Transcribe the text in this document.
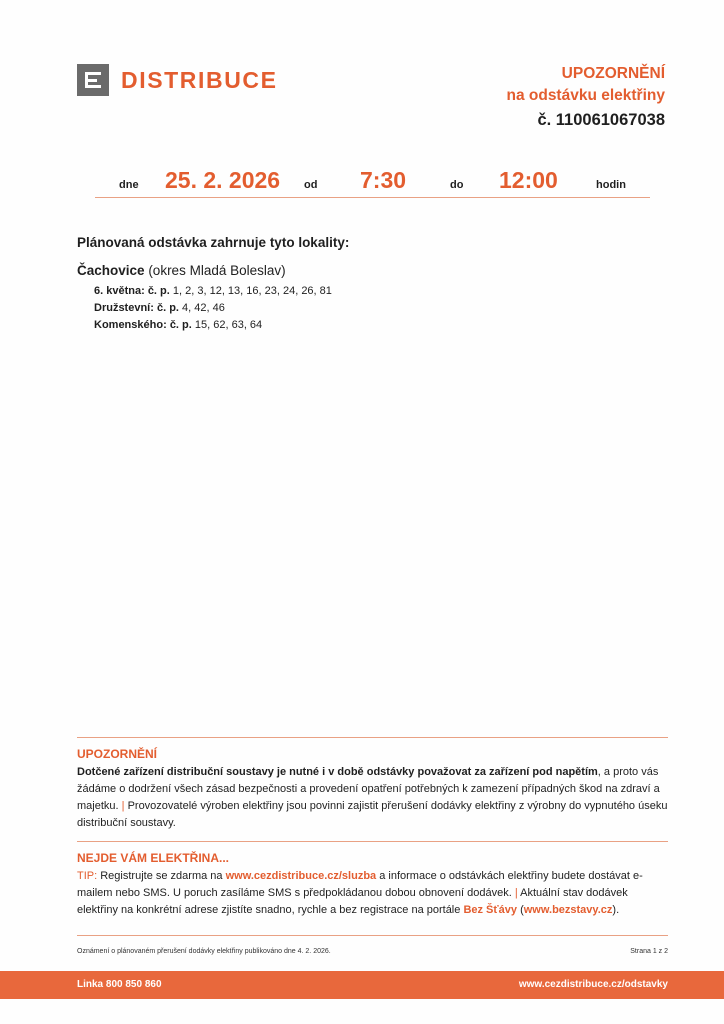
DISTRIBUCE	UPOZORNĚNÍ
na odstávku elektřiny
č. 110061067038
dne 25. 2. 2026 od 7:30	do 12:00	hodin
Plánovaná odstávka zahrnuje tyto lokality:
Čachovice (okres Mladá Boleslav)
6. května: č. p. 1, 2, 3, 12, 13, 16, 23, 24, 26, 81
Družstevní: č. p. 4, 42, 46
Komenského: č. p. 15, 62, 63, 64
UPOZORNĚNÍ
Dotčené zařízení distribuční soustavy je nutné i v době odstávky považovat za zařízení pod napětím, a proto vás žádáme o dodržení všech zásad bezpečnosti a provedení opatření potřebných k zamezení případných škod na zdraví a majetku. | Provozovatelé výroben elektřiny jsou povinni zajistit přerušení dodávky elektřiny z výrobny do vypnutého úseku distribuční soustavy.
NEJDE VÁM ELEKTŘINA...
TIP: Registrujte se zdarma na www.cezdistribuce.cz/sluzba a informace o odstávkách elektřiny budete dostávat e-mailem nebo SMS. U poruch zasíláme SMS s předpokládanou dobou obnovení dodávek. | Aktuální stav dodávek elektřiny na konkrétní adrese zjistíte snadno, rychle a bez registrace na portále Bez Šťávy (www.bezstavy.cz).
Oznámení o plánovaném přerušení dodávky elektřiny publikováno dne 4. 2. 2026.	Strana 1 z 2
Linka 800 850 860	www.cezdistribuce.cz/odstavky
